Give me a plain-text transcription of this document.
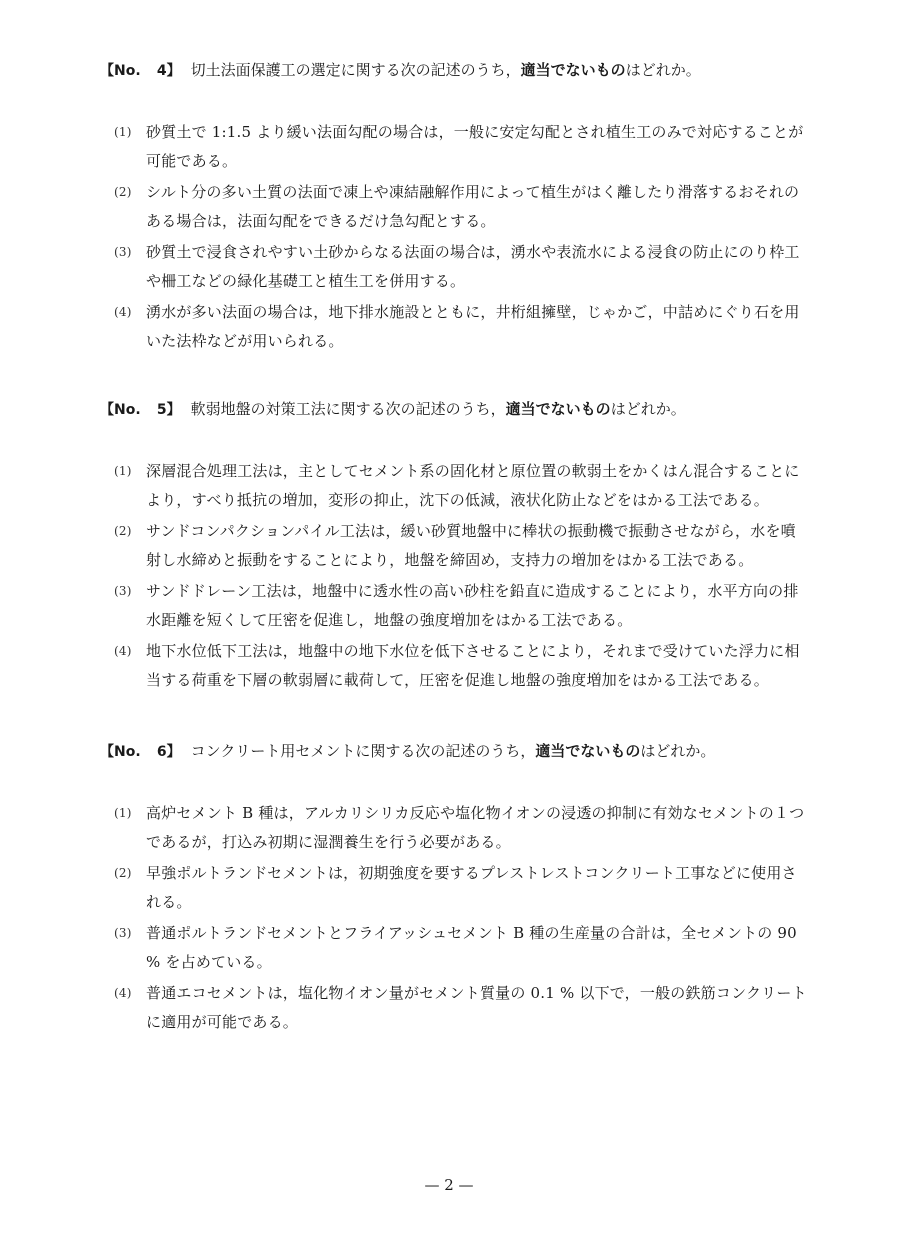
【No. 4】 切土法面保護工の選定に関する次の記述のうち，適当でないものはどれか。
(1) 砂質土で 1:1.5 より緩い法面勾配の場合は，一般に安定勾配とされ植生工のみで対応することが可能である。
(2) シルト分の多い土質の法面で凍上や凍結融解作用によって植生がはく離したり滑落するおそれのある場合は，法面勾配をできるだけ急勾配とする。
(3) 砂質土で浸食されやすい土砂からなる法面の場合は，湧水や表流水による浸食の防止にのり枠工や柵工などの緑化基礎工と植生工を併用する。
(4) 湧水が多い法面の場合は，地下排水施設とともに，井桁組擁壁，じゃかご，中詰めにぐり石を用いた法枠などが用いられる。
【No. 5】 軟弱地盤の対策工法に関する次の記述のうち，適当でないものはどれか。
(1) 深層混合処理工法は，主としてセメント系の固化材と原位置の軟弱土をかくはん混合することにより，すべり抵抗の増加，変形の抑止，沈下の低減，液状化防止などをはかる工法である。
(2) サンドコンパクションパイル工法は，緩い砂質地盤中に棒状の振動機で振動させながら，水を噴射し水締めと振動をすることにより，地盤を締固め，支持力の増加をはかる工法である。
(3) サンドドレーン工法は，地盤中に透水性の高い砂柱を鉛直に造成することにより，水平方向の排水距離を短くして圧密を促進し，地盤の強度増加をはかる工法である。
(4) 地下水位低下工法は，地盤中の地下水位を低下させることにより，それまで受けていた浮力に相当する荷重を下層の軟弱層に載荷して，圧密を促進し地盤の強度増加をはかる工法である。
【No. 6】 コンクリート用セメントに関する次の記述のうち，適当でないものはどれか。
(1) 高炉セメント B 種は，アルカリシリカ反応や塩化物イオンの浸透の抑制に有効なセメントの１つであるが，打込み初期に湿潤養生を行う必要がある。
(2) 早強ポルトランドセメントは，初期強度を要するプレストレストコンクリート工事などに使用される。
(3) 普通ポルトランドセメントとフライアッシュセメント B 種の生産量の合計は，全セメントの 90 % を占めている。
(4) 普通エコセメントは，塩化物イオン量がセメント質量の 0.1 % 以下で，一般の鉄筋コンクリートに適用が可能である。
— 2 —
